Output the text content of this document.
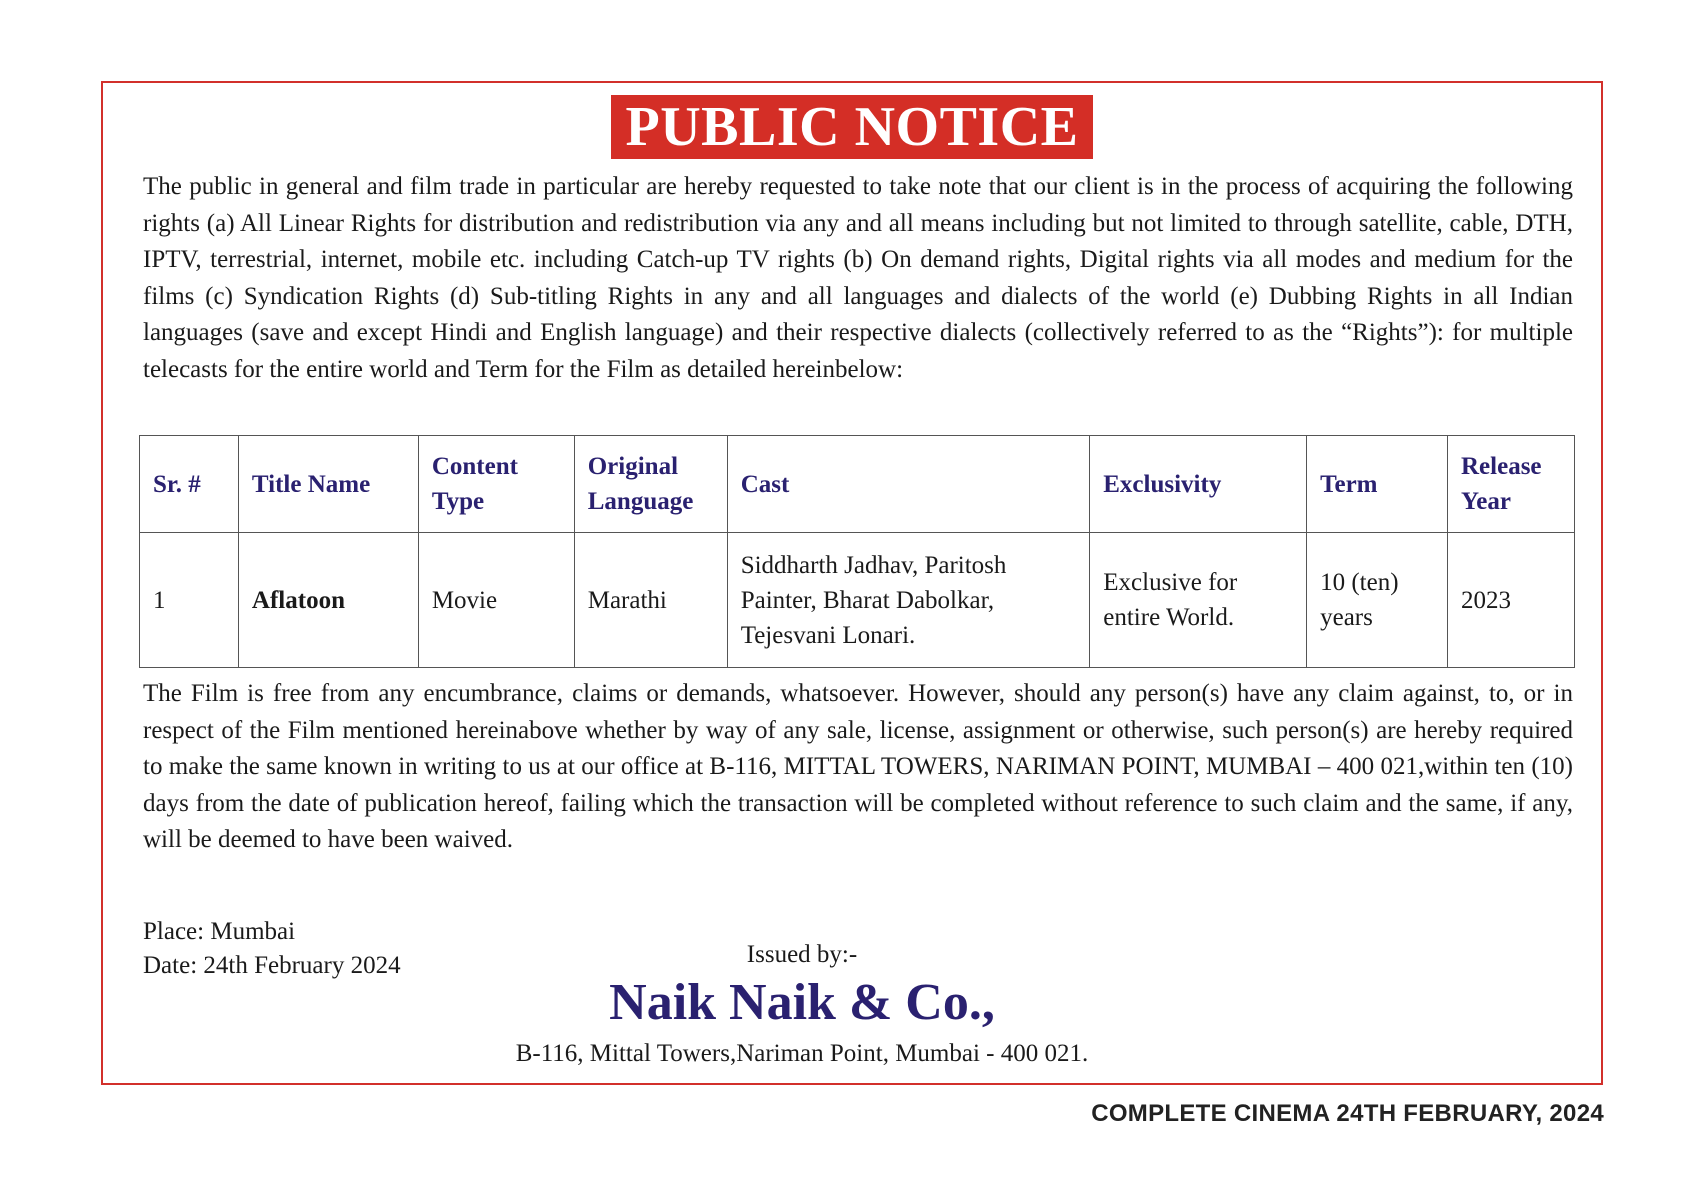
PUBLIC NOTICE
The public in general and film trade in particular are hereby requested to take note that our client is in the process of acquiring the following rights (a) All Linear Rights for distribution and redistribution via any and all means including but not limited to through satellite, cable, DTH, IPTV, terrestrial, internet, mobile etc. including Catch-up TV rights (b) On demand rights, Digital rights via all modes and medium for the films (c) Syndication Rights (d) Sub-titling Rights in any and all languages and dialects of the world (e) Dubbing Rights in all Indian languages (save and except Hindi and English language) and their respective dialects (collectively referred to as the “Rights”): for multiple telecasts for the entire world and Term for the Film as detailed hereinbelow:
Sr. #	Title Name	Content Type	Original Language	Cast	Exclusivity	Term	Release Year
1	Aflatoon	Movie	Marathi	Siddharth Jadhav, Paritosh Painter, Bharat Dabolkar, Tejesvani Lonari.	Exclusive for entire World.	10 (ten) years	2023
The Film is free from any encumbrance, claims or demands, whatsoever. However, should any person(s) have any claim against, to, or in respect of the Film mentioned hereinabove whether by way of any sale, license, assignment or otherwise, such person(s) are hereby required to make the same known in writing to us at our office at B-116, MITTAL TOWERS, NARIMAN POINT, MUMBAI – 400 021,within ten (10) days from the date of publication hereof, failing which the transaction will be completed without reference to such claim and the same, if any, will be deemed to have been waived.
Place: Mumbai
Date: 24th February 2024	Issued by:-
Naik Naik & Co.,
B-116, Mittal Towers,Nariman Point, Mumbai - 400 021.
COMPLETE CINEMA 24TH FEBRUARY, 2024
